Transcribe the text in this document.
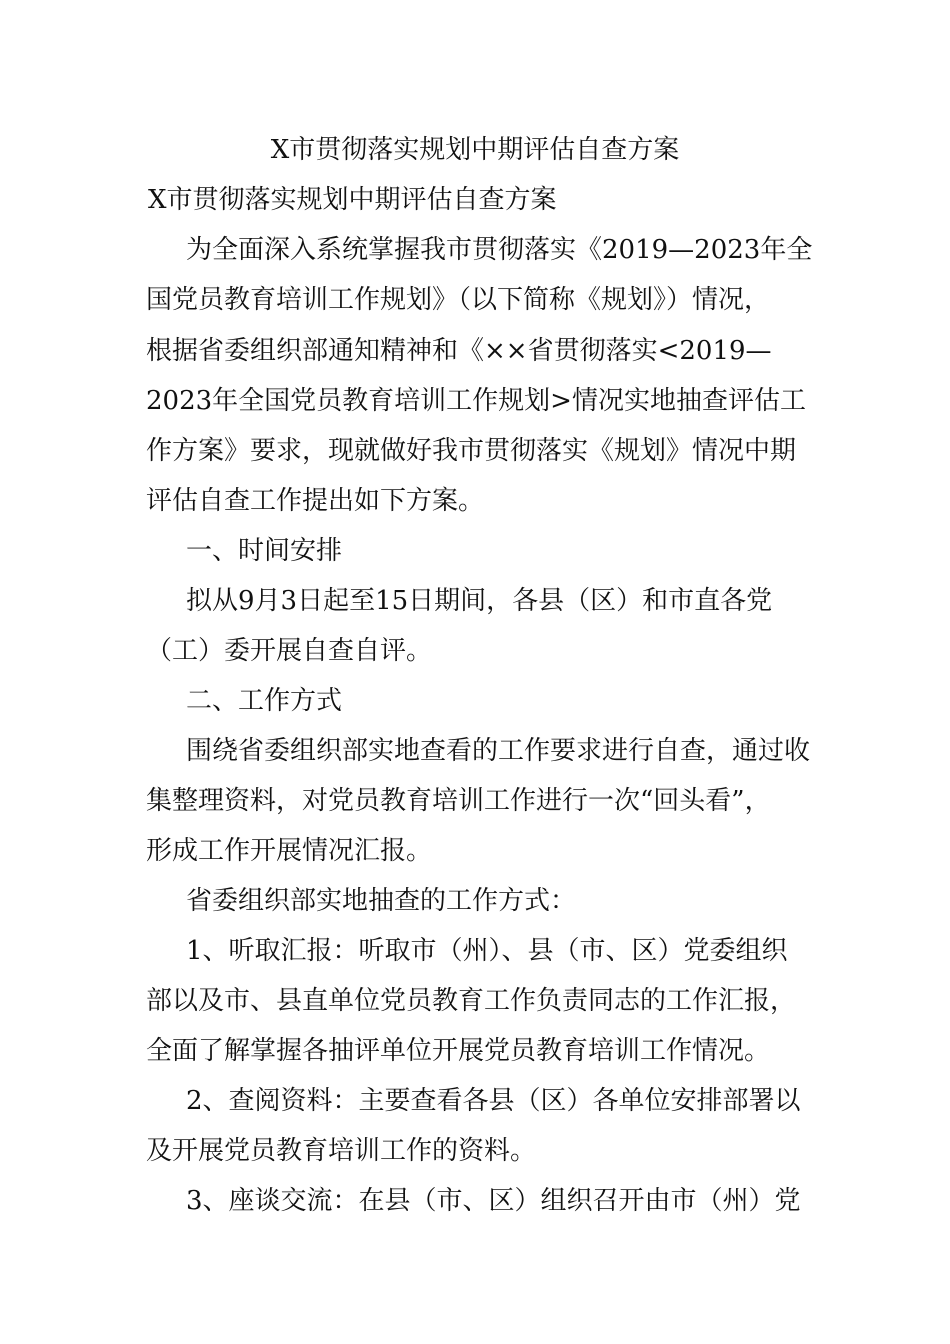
X市贯彻落实规划中期评估自查方案
X市贯彻落实规划中期评估自查方案
为全面深入系统掌握我市贯彻落实《2019—2023年全
国党员教育培训工作规划》（以下简称《规划》）情况，
根据省委组织部通知精神和《××省贯彻落实<2019—
2023年全国党员教育培训工作规划>情况实地抽查评估工
作方案》要求，现就做好我市贯彻落实《规划》情况中期
评估自查工作提出如下方案。
一、时间安排
拟从9月3日起至15日期间，各县（区）和市直各党
（工）委开展自查自评。
二、工作方式
围绕省委组织部实地查看的工作要求进行自查，通过收
集整理资料，对党员教育培训工作进行一次“回头看”，
形成工作开展情况汇报。
省委组织部实地抽查的工作方式：
1、听取汇报：听取市（州）、县（市、区）党委组织
部以及市、县直单位党员教育工作负责同志的工作汇报，
全面了解掌握各抽评单位开展党员教育培训工作情况。
2、查阅资料：主要查看各县（区）各单位安排部署以
及开展党员教育培训工作的资料。
3、座谈交流：在县（市、区）组织召开由市（州）党
